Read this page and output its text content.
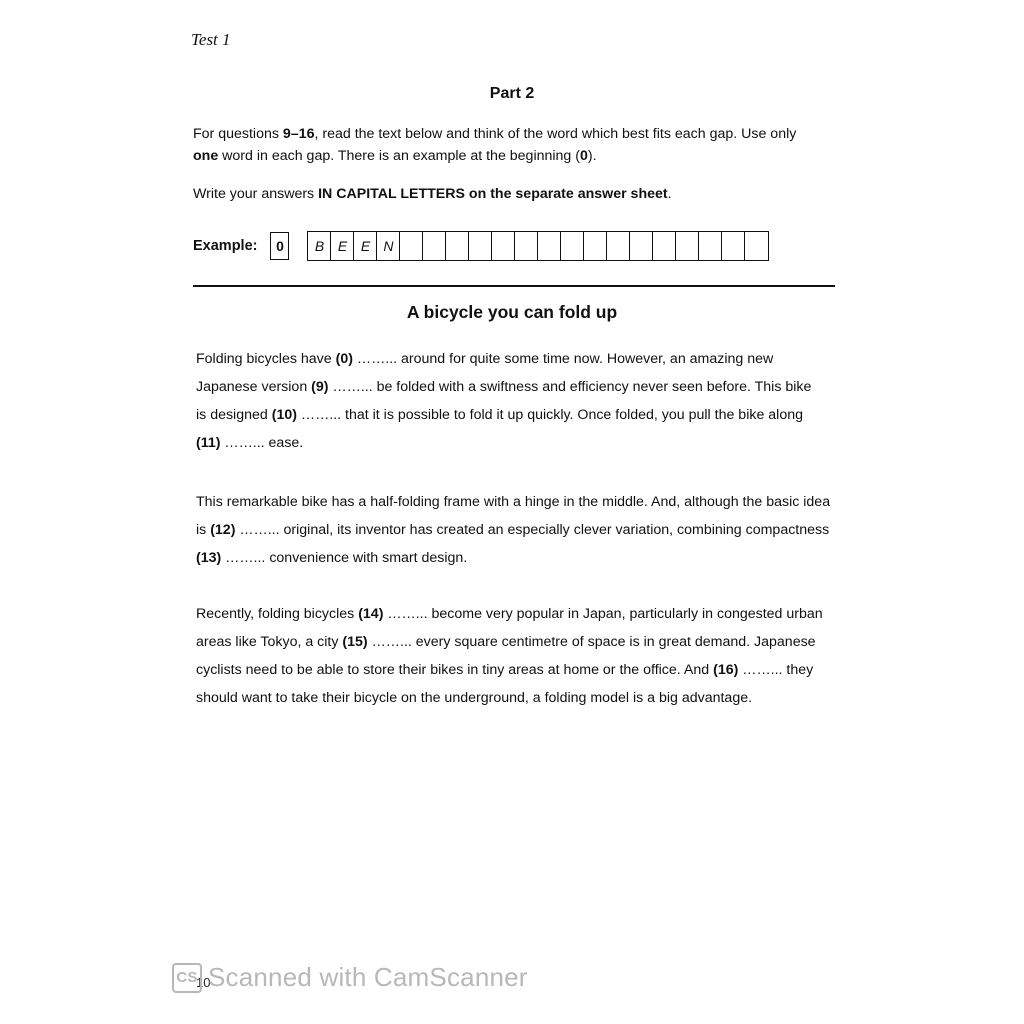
Test 1
Part 2
For questions 9–16, read the text below and think of the word which best fits each gap. Use only
one word in each gap. There is an example at the beginning (0).
Write your answers IN CAPITAL LETTERS on the separate answer sheet.
Example:	0	B E E N
A bicycle you can fold up
Folding bicycles have (0) ……... around for quite some time now. However, an amazing new
Japanese version (9) ……... be folded with a swiftness and efficiency never seen before. This bike
is designed (10) ……... that it is possible to fold it up quickly. Once folded, you pull the bike along
(11) ……... ease.
This remarkable bike has a half-folding frame with a hinge in the middle. And, although the basic idea
is (12) ……... original, its inventor has created an especially clever variation, combining compactness
(13) ……... convenience with smart design.
Recently, folding bicycles (14) ……... become very popular in Japan, particularly in congested urban
areas like Tokyo, a city (15) ……... every square centimetre of space is in great demand. Japanese
cyclists need to be able to store their bikes in tiny areas at home or the office. And (16) ……... they
should want to take their bicycle on the underground, a folding model is a big advantage.
10
CS Scanned with CamScanner
